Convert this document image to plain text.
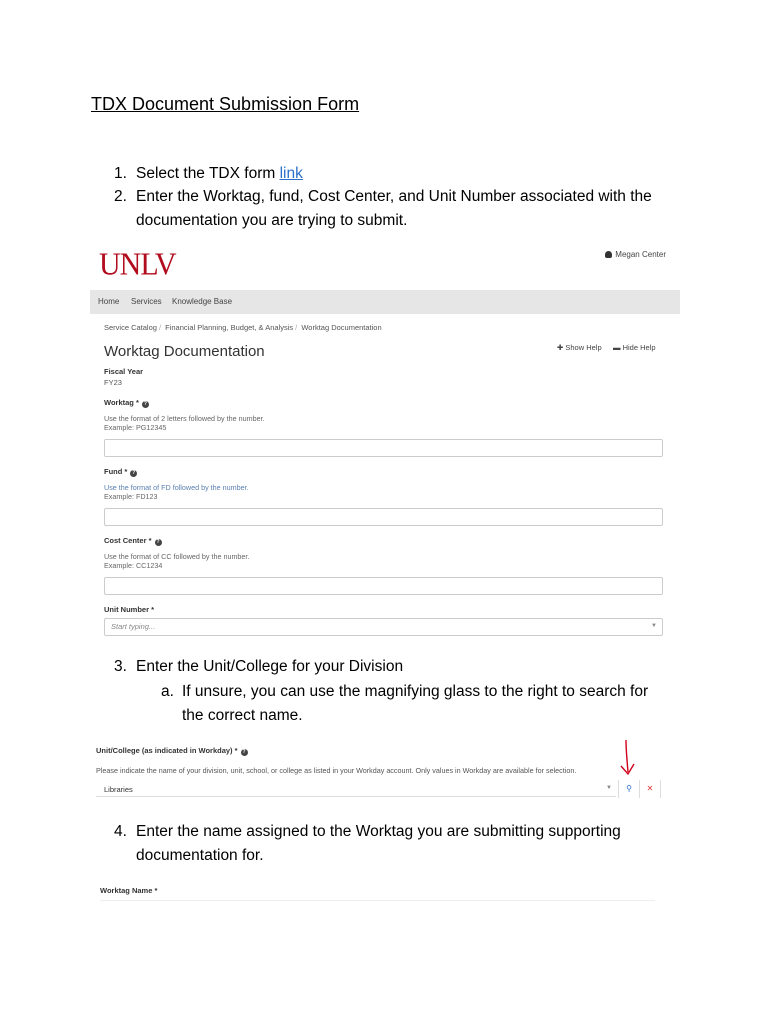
TDX Document Submission Form
1. Select the TDX form link
2. Enter the Worktag, fund, Cost Center, and Unit Number associated with the
documentation you are trying to submit.
UNLV	Megan Center
Home Services Knowledge Base
Service Catalog / Financial Planning, Budget, & Analysis / Worktag Documentation
Worktag Documentation	✚ Show Help ▬ Hide Help
Fiscal Year
FY23
Worktag * ?
Use the format of 2 letters followed by the number.
Example: PG12345
Fund * ?
Use the format of FD followed by the number.
Example: FD123
Cost Center * ?
Use the format of CC followed by the number.
Example: CC1234
Unit Number *
Start typing...	▼
3. Enter the Unit/College for your Division
a. If unsure, you can use the magnifying glass to the right to search for
the correct name.
Unit/College (as indicated in Workday) * ?
Please indicate the name of your division, unit, school, or college as listed in your Workday account. Only values in Workday are available for selection.
Libraries	▼	⚲	✕
4. Enter the name assigned to the Worktag you are submitting supporting
documentation for.
Worktag Name *
